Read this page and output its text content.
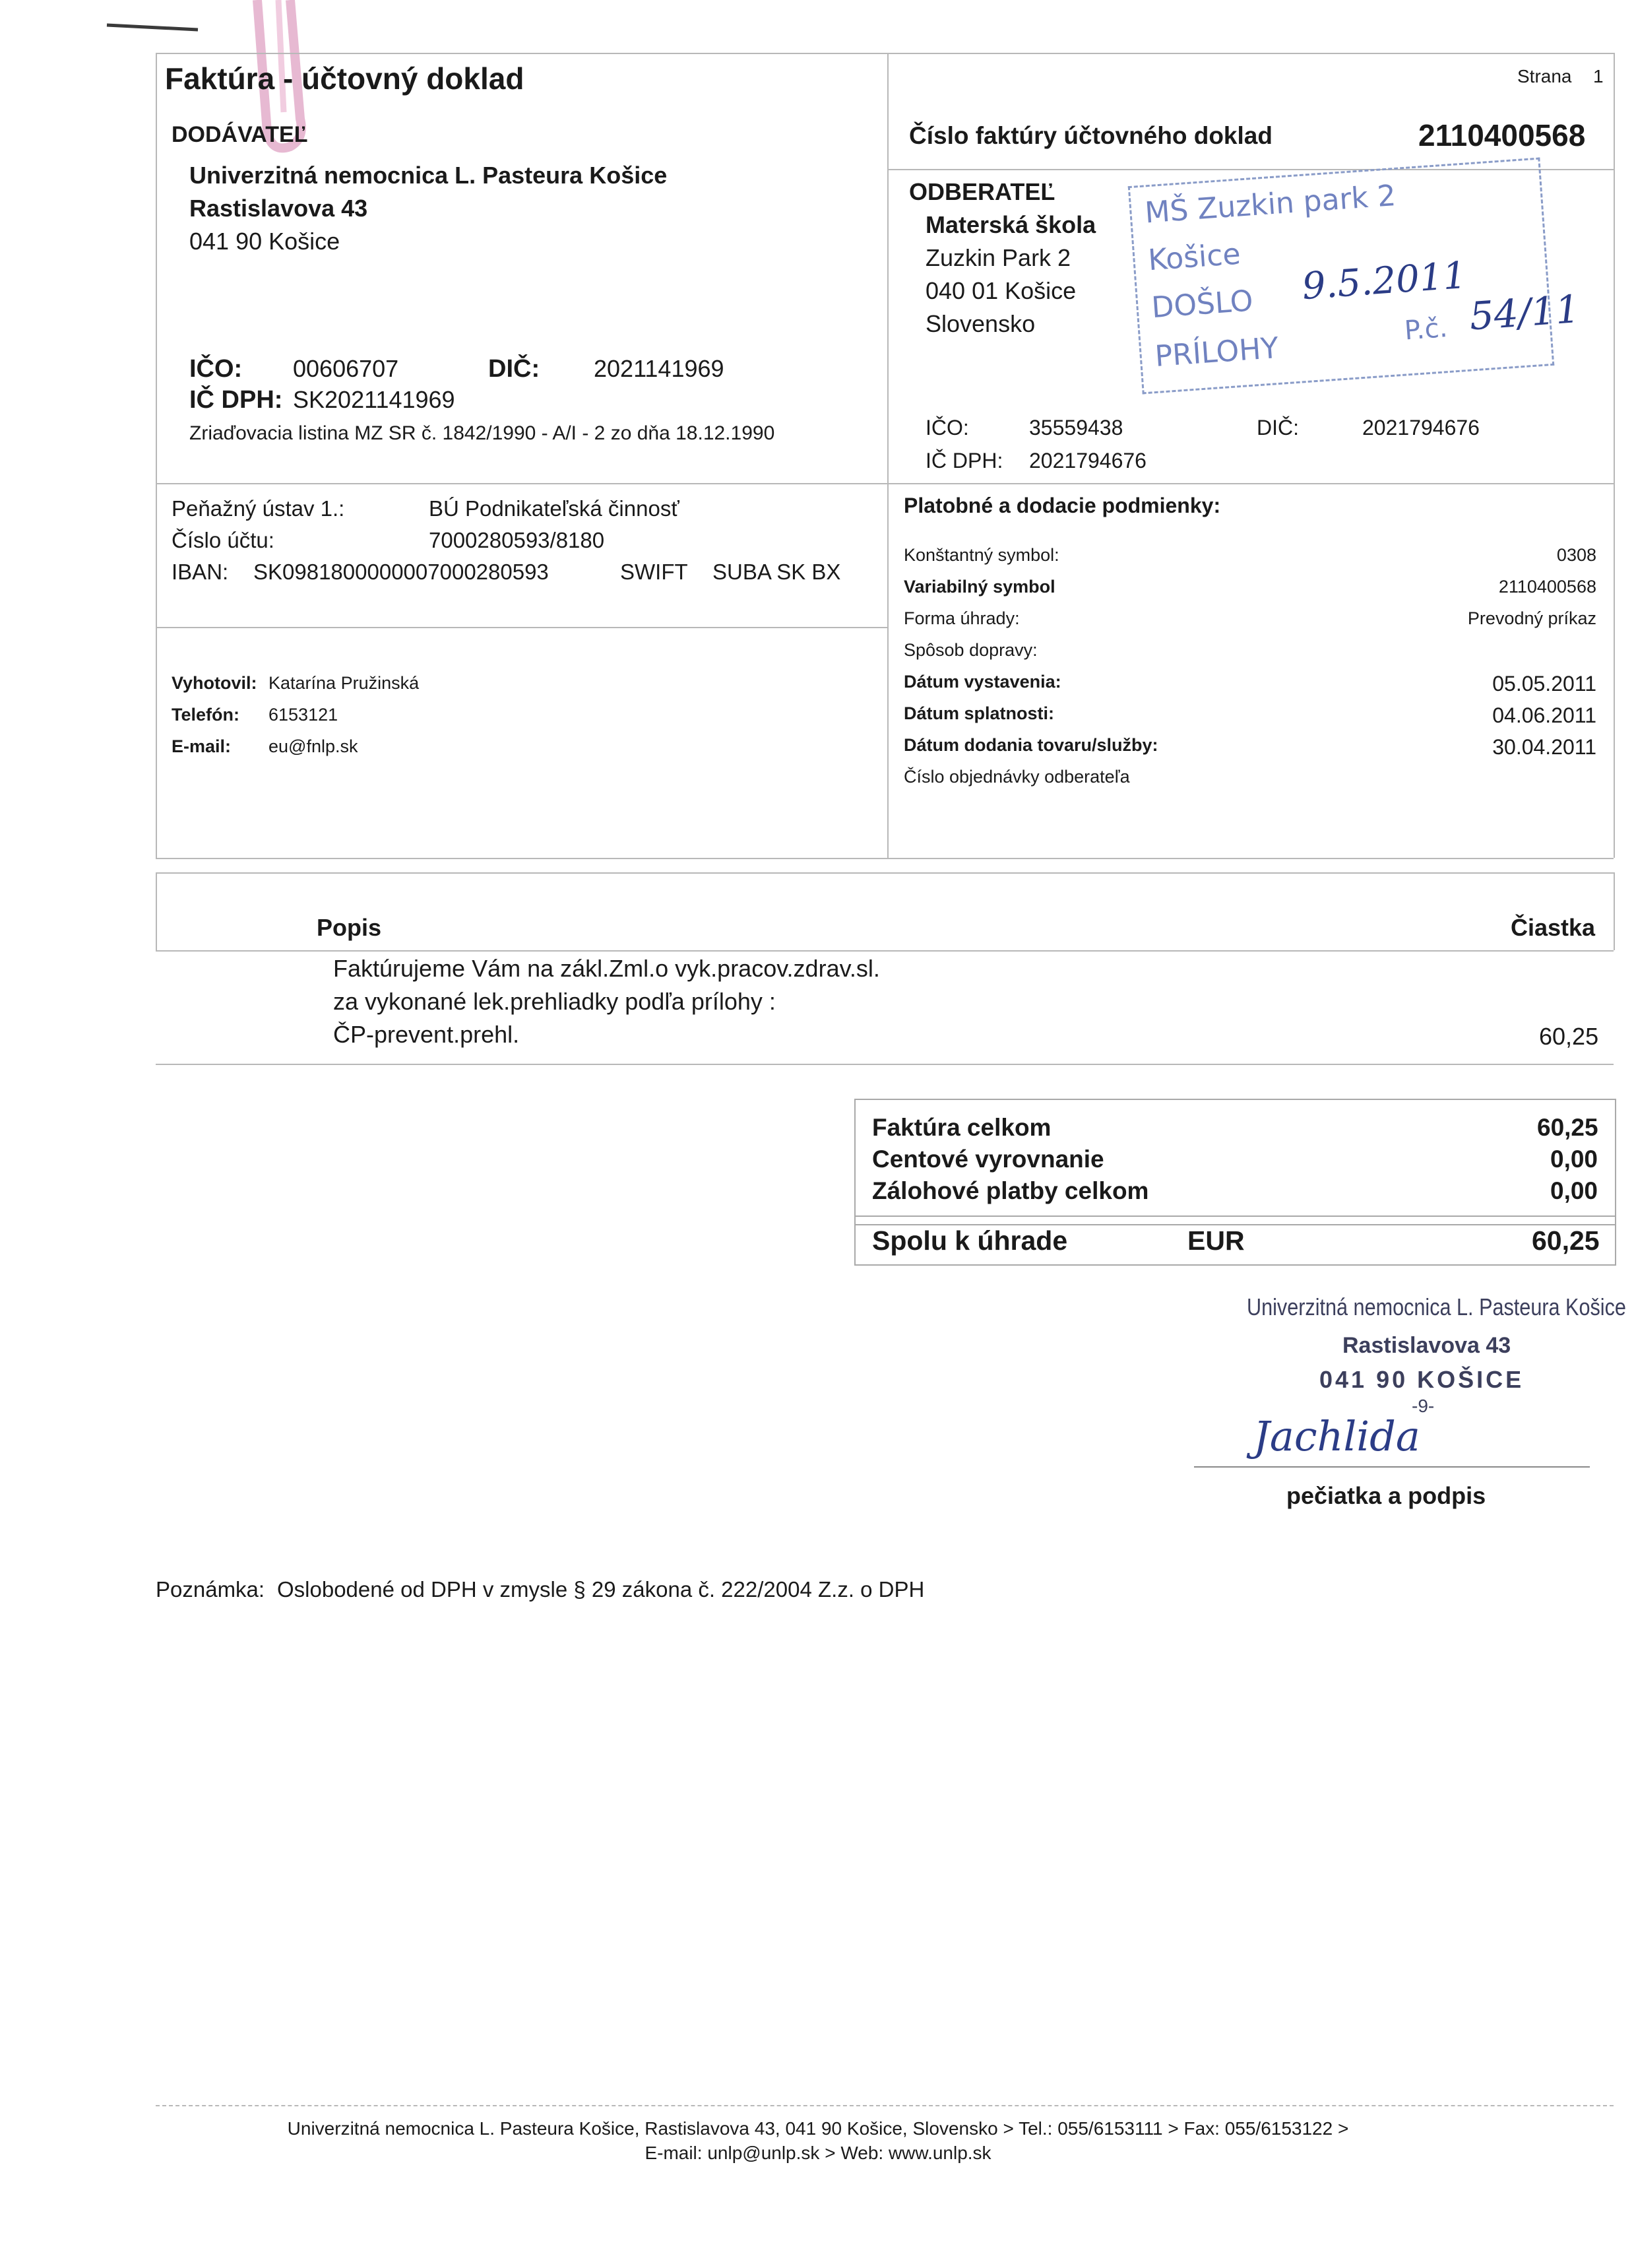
Faktúra - účtovný doklad	Strana 1
Číslo faktúry účtovného doklad	2110400568
DODÁVATEĽ
Univerzitná nemocnica L. Pasteura Košice
Rastislavova 43
041 90 Košice
IČO: 00606707	DIČ: 2021141969
IČ DPH: SK2021141969
Zriaďovacia listina MZ SR č. 1842/1990 - A/I - 2 zo dňa 18.12.1990
ODBERATEĽ
Materská škola
Zuzkin Park 2
040 01 Košice
Slovensko
IČO:	35559438	DIČ:	2021794676
IČ DPH: 2021794676
MŠ Zuzkin park 2
Košice
DOŠLO 9.5.2011
PRÍLOHY
P.č. 54/11
Peňažný ústav 1.:	BÚ Podnikateľská činnosť
Číslo účtu:	7000280593/8180
IBAN: SK0981800000007000280593	SWIFT SUBA SK BX
Vyhotovil: Katarína Pružinská
Telefón: 6153121
E-mail: eu@fnlp.sk
Platobné a dodacie podmienky:
Konštantný symbol:	0308
Variabilný symbol	2110400568
Forma úhrady:	Prevodný príkaz
Spôsob dopravy:
Dátum vystavenia:	05.05.2011
Dátum splatnosti:	04.06.2011
Dátum dodania tovaru/služby:	30.04.2011
Číslo objednávky odberateľa
Popis	Čiastka
Faktúrujeme Vám na zákl.Zml.o vyk.pracov.zdrav.sl.
za vykonané lek.prehliadky podľa prílohy :
ČP-prevent.prehl.	60,25
Faktúra celkom	60,25
Centové vyrovnanie	0,00
Zálohové platby celkom	0,00
Spolu k úhrade	EUR	60,25
Univerzitná nemocnica L. Pasteura Košice
Rastislavova 43
041 90 KOŠICE
-9-
Jachlida
pečiatka a podpis
Poznámka: Oslobodené od DPH v zmysle § 29 zákona č. 222/2004 Z.z. o DPH
Univerzitná nemocnica L. Pasteura Košice, Rastislavova 43, 041 90 Košice, Slovensko > Tel.: 055/6153111 > Fax: 055/6153122 >
E-mail: unlp@unlp.sk > Web: www.unlp.sk
